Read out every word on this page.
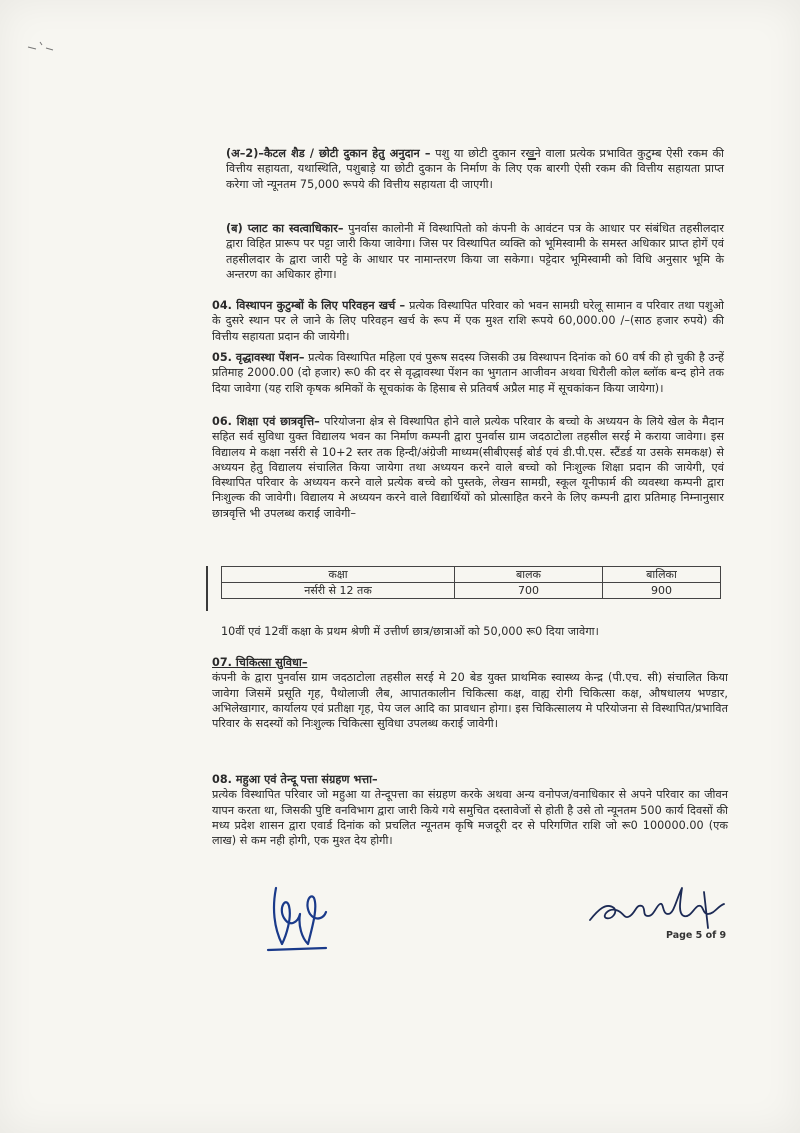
(अ–2)–कैटल शैड / छोटी दुकान हेतु अनुदान – पशु या छोटी दुकान रखने वाला प्रत्येक प्रभावित कुटुम्ब ऐसी रकम की वित्तीय सहायता, यथास्थिति, पशुबाड़े या छोटी दुकान के निर्माण के लिए एक बारगी ऐसी रकम की वित्तीय सहायता प्राप्त करेगा जो न्यूनतम 75,000 रूपये की वित्तीय सहायता दी जाएगी।
(ब) प्लाट का स्वत्वाधिकार– पुनर्वास कालोनी में विस्थापितो को कंपनी के आवंटन पत्र के आधार पर संबंधित तहसीलदार द्वारा विहित प्रारूप पर पट्टा जारी किया जावेगा। जिस पर विस्थापित व्यक्ति को भूमिस्वामी के समस्त अधिकार प्राप्त होगें एवं तहसीलदार के द्वारा जारी पट्टे के आधार पर नामान्तरण किया जा सकेगा। पट्टेदार भूमिस्वामी को विधि अनुसार भूमि के अन्तरण का अधिकार होगा।
04. विस्थापन कुटुम्बों के लिए परिवहन खर्च – प्रत्येक विस्थापित परिवार को भवन सामग्री घरेलू सामान व परिवार तथा पशुओ के दुसरे स्थान पर ले जाने के लिए परिवहन खर्च के रूप में एक मुश्त राशि रूपये 60,000.00 /–(साठ हजार रुपये) की वित्तीय सहायता प्रदान की जायेगी।
05. वृद्धावस्था पेंशन– प्रत्येक विस्थापित महिला एवं पुरूष सदस्य जिसकी उम्र विस्थापन दिनांक को 60 वर्ष की हो चुकी है उन्हें प्रतिमाह 2000.00 (दो हजार) रू0 की दर से वृद्धावस्था पेंशन का भुगतान आजीवन अथवा धिरौली कोल ब्लॉक बन्द होने तक दिया जावेगा (यह राशि कृषक श्रमिकों के सूचकांक के हिसाब से प्रतिवर्ष अप्रैल माह में सूचकांकन किया जायेगा)।
06. शिक्षा एवं छात्रवृत्ति– परियोजना क्षेत्र से विस्थापित होने वाले प्रत्येक परिवार के बच्चो के अध्ययन के लिये खेल के मैदान सहित सर्व सुविधा युक्त विद्यालय भवन का निर्माण कम्पनी द्वारा पुनर्वास ग्राम जदठाटोला तहसील सरई मे कराया जावेगा। इस विद्यालय मे कक्षा नर्सरी से 10+2 स्तर तक हिन्दी/अंग्रेजी माध्यम(सीबीएसई बोर्ड एवं डी.पी.एस. स्टैंडर्ड या उसके समकक्ष) से अध्ययन हेतु विद्यालय संचालित किया जायेगा तथा अध्ययन करने वाले बच्चो को निःशुल्क शिक्षा प्रदान की जायेगी, एवं विस्थापित परिवार के अध्ययन करने वाले प्रत्येक बच्चे को पुस्तके, लेखन सामग्री, स्कूल यूनीफार्म की व्यवस्था कम्पनी द्वारा निःशुल्क की जावेगी। विद्यालय मे अध्ययन करने वाले विद्यार्थियों को प्रोत्साहित करने के लिए कम्पनी द्वारा प्रतिमाह निम्नानुसार छात्रवृत्ति भी उपलब्ध कराई जावेगी–
कक्षा	बालक	बालिका
नर्सरी से 12 तक	700	900
10वीं एवं 12वीं कक्षा के प्रथम श्रेणी में उत्तीर्ण छात्र/छात्राओं को 50,000 रू0 दिया जावेगा।
07. चिकित्सा सुविधा–
कंपनी के द्वारा पुनर्वास ग्राम जदठाटोला तहसील सरई मे 20 बेड युक्त प्राथमिक स्वास्थ्य केन्द्र (पी.एच. सी) संचालित किया जावेगा जिसमें प्रसूति गृह, पैथोलाजी लैब, आपातकालीन चिकित्सा कक्ष, वाह्य रोगी चिकित्सा कक्ष, औषधालय भण्डार, अभिलेखागार, कार्यालय एवं प्रतीक्षा गृह, पेय जल आदि का प्रावधान होगा। इस चिकित्सालय मे परियोजना से विस्थापित/प्रभावित परिवार के सदस्यों को निःशुल्क चिकित्सा सुविधा उपलब्ध कराई जावेगी।
08. महुआ एवं तेन्दू पत्ता संग्रहण भत्ता–
प्रत्येक विस्थापित परिवार जो महुआ या तेन्दूपत्ता का संग्रहण करके अथवा अन्य वनोपज/वनाधिकार से अपने परिवार का जीवन यापन करता था, जिसकी पुष्टि वनविभाग द्वारा जारी किये गये समुचित दस्तावेजों से होती है उसे तो न्यूनतम 500 कार्य दिवसों की मध्य प्रदेश शासन द्वारा एवार्ड दिनांक को प्रचलित न्यूनतम कृषि मजदूरी दर से परिगणित राशि जो रू0 100000.00 (एक लाख) से कम नही होगी, एक मुश्त देय होगी।
Page 5 of 9
